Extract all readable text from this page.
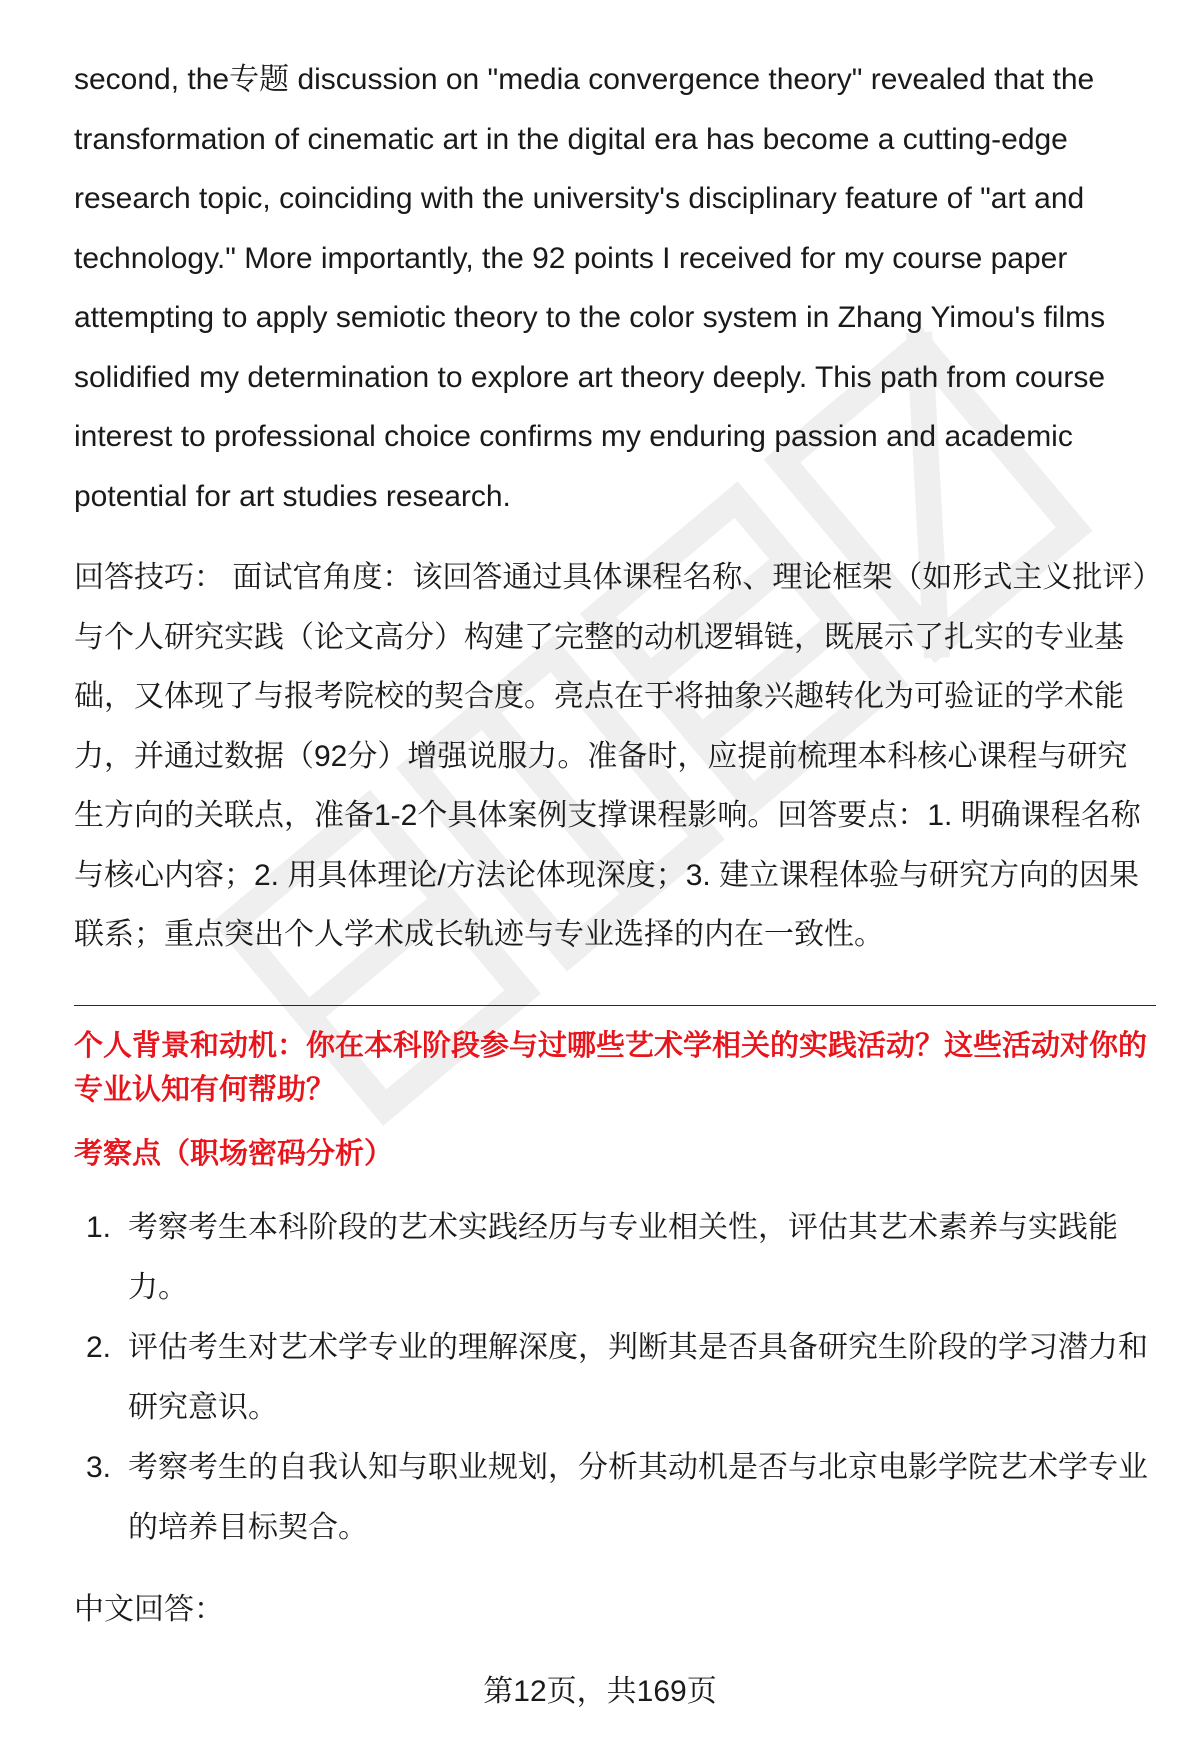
second, the专题 discussion on "media convergence theory" revealed that the transformation of cinematic art in the digital era has become a cutting-edge research topic, coinciding with the university's disciplinary feature of "art and technology." More importantly, the 92 points I received for my course paper attempting to apply semiotic theory to the color system in Zhang Yimou's films solidified my determination to explore art theory deeply. This path from course interest to professional choice confirms my enduring passion and academic potential for art studies research.

回答技巧： 面试官角度：该回答通过具体课程名称、理论框架（如形式主义批评）与个人研究实践（论文高分）构建了完整的动机逻辑链，既展示了扎实的专业基础，又体现了与报考院校的契合度。亮点在于将抽象兴趣转化为可验证的学术能力，并通过数据（92分）增强说服力。准备时，应提前梳理本科核心课程与研究生方向的关联点，准备1-2个具体案例支撑课程影响。回答要点：1. 明确课程名称与核心内容；2. 用具体理论/方法论体现深度；3. 建立课程体验与研究方向的因果联系；重点突出个人学术成长轨迹与专业选择的内在一致性。

个人背景和动机：你在本科阶段参与过哪些艺术学相关的实践活动？这些活动对你的专业认知有何帮助？

考察点（职场密码分析）

1. 考察考生本科阶段的艺术实践经历与专业相关性，评估其艺术素养与实践能力。
2. 评估考生对艺术学专业的理解深度，判断其是否具备研究生阶段的学习潜力和研究意识。
3. 考察考生的自我认知与职业规划，分析其动机是否与北京电影学院艺术学专业的培养目标契合。

中文回答：

第12页，共169页
